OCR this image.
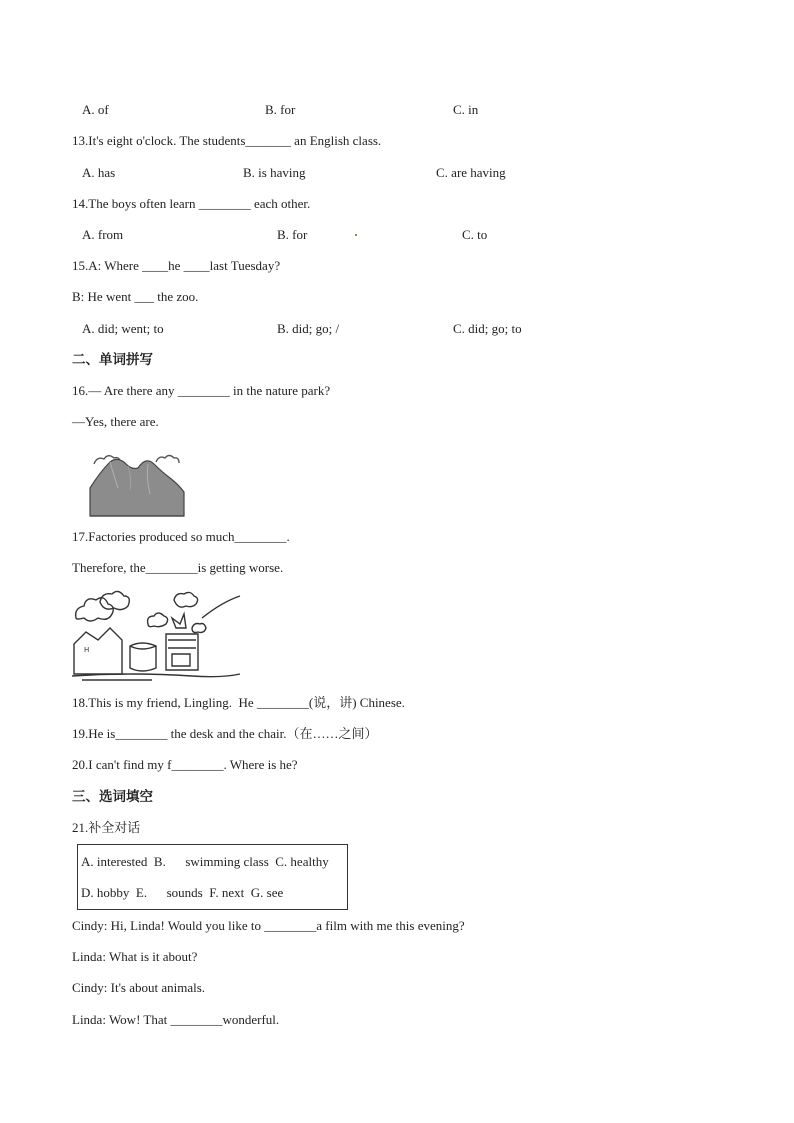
A. of	B. for	C. in
13.It's eight o'clock. The students_______ an English class.
A. has	B. is having	C. are having
14.The boys often learn ________ each other.
A. from	B. for	C. to
15.A: Where ____he ____last Tuesday?
B: He went ___ the zoo.
A. did; went; to	B. did; go; /	C. did; go; to
二、单词拼写
16.— Are there any ________ in the nature park?
—Yes, there are.
17.Factories produced so much________.
Therefore, the________is getting worse.
H
18.This is my friend, Lingling.  He ________(说，讲) Chinese.
19.He is________ the desk and the chair.（在……之间）
20.I can't find my f________. Where is he?
三、选词填空
21.补全对话
A. interested  B.      swimming class  C. healthy
D. hobby  E.      sounds  F. next  G. see
Cindy: Hi, Linda! Would you like to ________a film with me this evening?
Linda: What is it about?
Cindy: It's about animals.
Linda: Wow! That ________wonderful.
